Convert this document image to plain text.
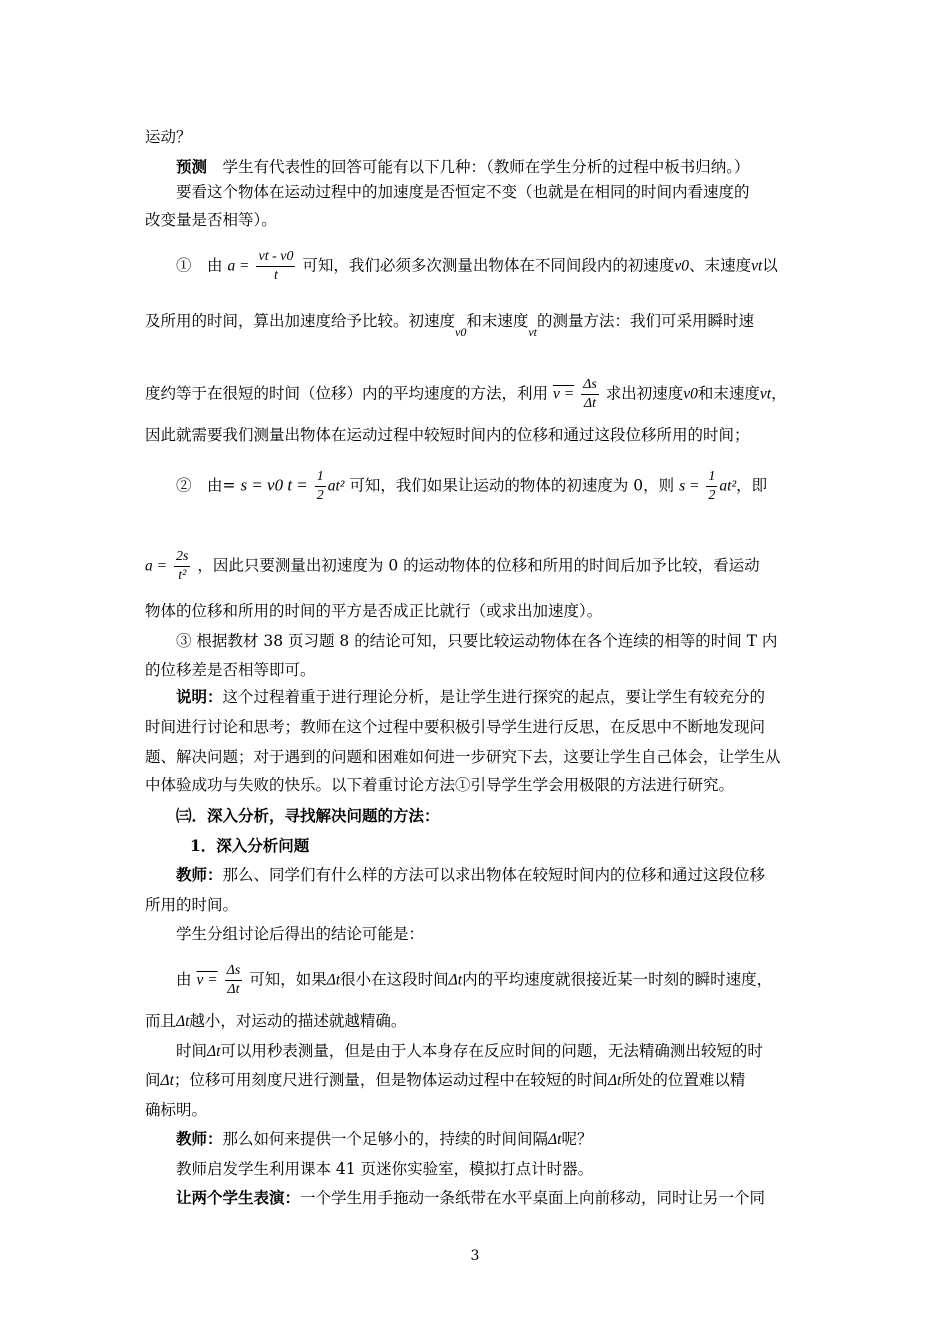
运动？
预测　学生有代表性的回答可能有以下几种：（教师在学生分析的过程中板书归纳。）
要看这个物体在运动过程中的加速度是否恒定不变（也就是在相同的时间内看速度的
改变量是否相等）。
①　由 $a = \frac{vt - v0}{t}$ 可知，我们必须多次测量出物体在不同间段内的初速度v0、末速度vt以
及所用的时间，算出加速度给予比较。初速度$_{v0}$和末速度$_{vt}$的测量方法：我们可采用瞬时速
度约等于在很短的时间（位移）内的平均速度的方法，利用 $v = \frac{\Delta s}{\Delta t}$ 求出初速度v0和末速度vt，
因此就需要我们测量出物体在运动过程中较短时间内的位移和通过这段位移所用的时间；
②　由= s = v0 $t = \frac{1}{2} at^2$ 可知，我们如果让运动的物体的初速度为 0，则 $s = \frac{1}{2} at^2$，即
$a = \frac{2s}{\text{t²}}$ ，因此只要测量出初速度为 0 的运动物体的位移和所用的时间后加予比较，看运动
物体的位移和所用的时间的平方是否成正比就行（或求出加速度）。
③ 根据教材 38 页习题 8 的结论可知，只要比较运动物体在各个连续的相等的时间 T 内
的位移差是否相等即可。
说明：这个过程着重于进行理论分析，是让学生进行探究的起点，要让学生有较充分的
时间进行讨论和思考；教师在这个过程中要积极引导学生进行反思，在反思中不断地发现问
题、解决问题；对于遇到的问题和困难如何进一步研究下去，这要让学生自己体会，让学生从
中体验成功与失败的快乐。以下着重讨论方法①引导学生学会用极限的方法进行研究。
㈢．深入分析，寻找解决问题的方法：
1．深入分析问题
教师：那么、同学们有什么样的方法可以求出物体在较短时间内的位移和通过这段位移
所用的时间。
学生分组讨论后得出的结论可能是：
由 $v = \frac{\Delta s}{\Delta t}$ 可知，如果Δt很小在这段时间Δt内的平均速度就很接近某一时刻的瞬时速度，
而且Δt越小，对运动的描述就越精确。
时间Δt可以用秒表测量，但是由于人本身存在反应时间的问题，无法精确测出较短的时
间Δt；位移可用刻度尺进行测量，但是物体运动过程中在较短的时间Δt所处的位置难以精
确标明。
教师：那么如何来提供一个足够小的，持续的时间间隔Δt呢？
教师启发学生利用课本 41 页迷你实验室，模拟打点计时器。
让两个学生表演：一个学生用手拖动一条纸带在水平桌面上向前移动，同时让另一个同
3
